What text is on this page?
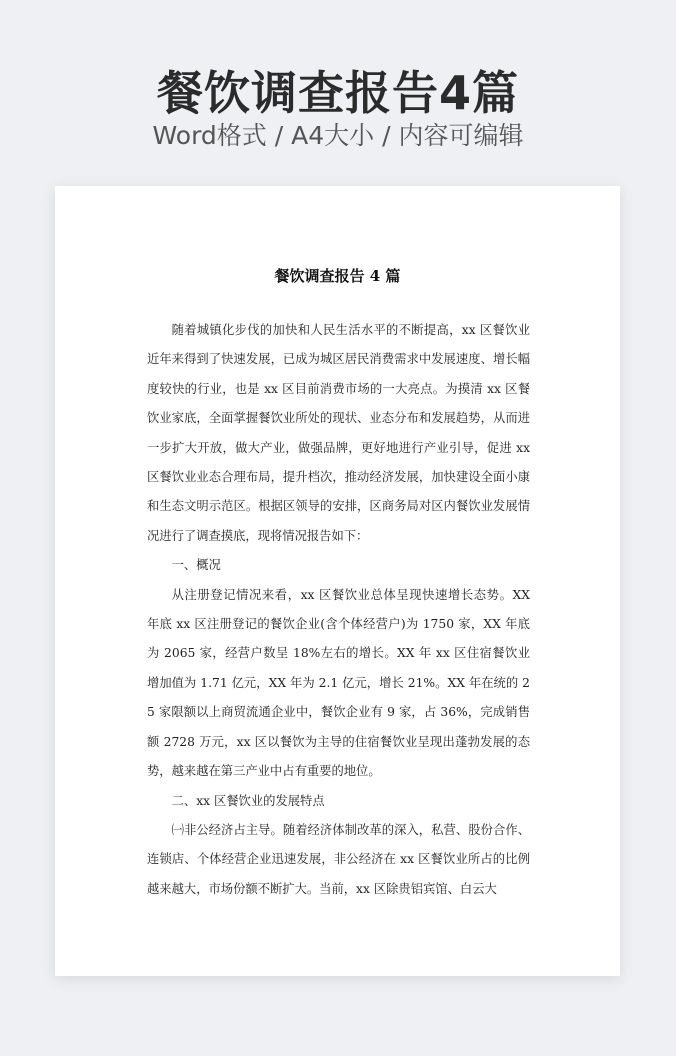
餐饮调查报告4篇
Word格式 / A4大小 / 内容可编辑
餐饮调查报告 4 篇

随着城镇化步伐的加快和人民生活水平的不断提高，xx 区餐饮业近年来得到了快速发展，已成为城区居民消费需求中发展速度、增长幅度较快的行业，也是 xx 区目前消费市场的一大亮点。为摸清 xx 区餐饮业家底，全面掌握餐饮业所处的现状、业态分布和发展趋势，从而进一步扩大开放，做大产业，做强品牌，更好地进行产业引导，促进 xx 区餐饮业业态合理布局，提升档次，推动经济发展，加快建设全面小康和生态文明示范区。根据区领导的安排，区商务局对区内餐饮业发展情况进行了调查摸底，现将情况报告如下：

一、概况

从注册登记情况来看，xx 区餐饮业总体呈现快速增长态势。XX 年底 xx 区注册登记的餐饮企业(含个体经营户)为 1750 家，XX 年底为 2065 家，经营户数呈 18%左右的增长。XX 年 xx 区住宿餐饮业增加值为 1.71 亿元，XX 年为 2.1 亿元，增长 21%。XX 年在统的 25 家限额以上商贸流通企业中，餐饮企业有 9 家，占 36%，完成销售额 2728 万元，xx 区以餐饮为主导的住宿餐饮业呈现出蓬勃发展的态势，越来越在第三产业中占有重要的地位。

二、xx 区餐饮业的发展特点

㈠非公经济占主导。随着经济体制改革的深入，私营、股份合作、连锁店、个体经营企业迅速发展，非公经济在 xx 区餐饮业所占的比例越来越大，市场份额不断扩大。当前，xx 区除贵铝宾馆、白云大
